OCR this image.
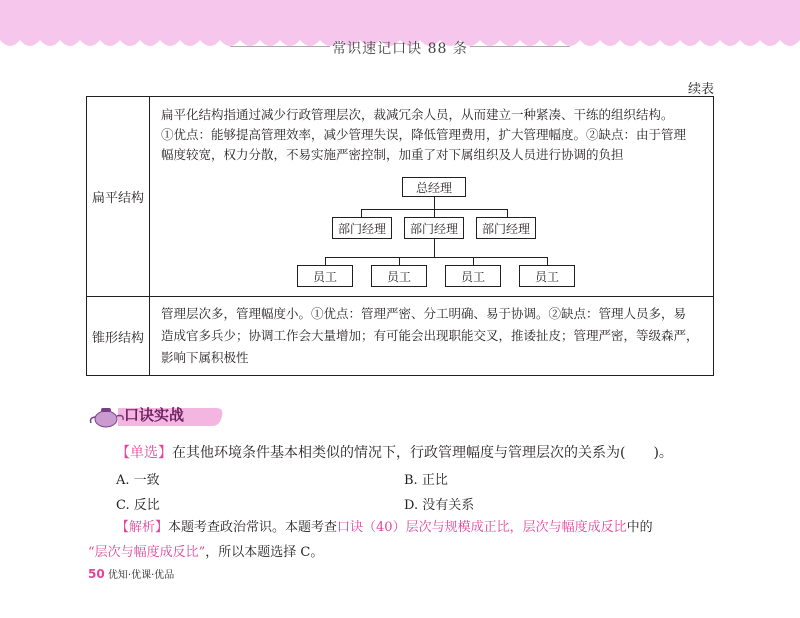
常识速记口诀 88 条
续表
扁平结构
扁平化结构指通过减少行政管理层次，裁减冗余人员，从而建立一种紧凑、干练的组织结构。
①优点：能够提高管理效率，减少管理失误，降低管理费用，扩大管理幅度。②缺点：由于管理
幅度较宽，权力分散，不易实施严密控制，加重了对下属组织及人员进行协调的负担
总经理
部门经理	部门经理	部门经理
员工	员工	员工	员工
锥形结构
管理层次多，管理幅度小。①优点：管理严密、分工明确、易于协调。②缺点：管理人员多，易
造成官多兵少；协调工作会大量增加；有可能会出现职能交叉，推诿扯皮；管理严密，等级森严，
影响下属积极性
口诀实战
【单选】在其他环境条件基本相类似的情况下，行政管理幅度与管理层次的关系为(　　)。
A. 一致	B. 正比
C. 反比	D. 没有关系
【解析】本题考查政治常识。本题考查口诀（40）层次与规模成正比，层次与幅度成反比中的
“层次与幅度成反比”，所以本题选择 C。
50 优知·优课·优品
